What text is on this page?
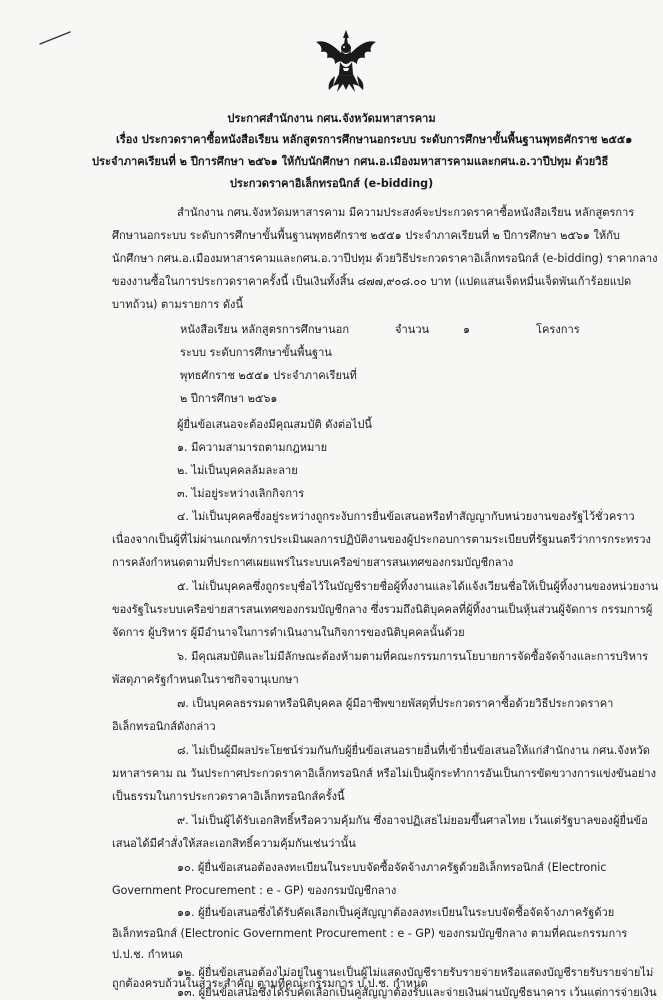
ประกาศสำนักงาน กศน.จังหวัดมหาสารคาม
เรื่อง ประกวดราคาซื้อหนังสือเรียน หลักสูตรการศึกษานอกระบบ ระดับการศึกษาขั้นพื้นฐานพุทธศักราช ๒๕๕๑
ประจำภาคเรียนที่ ๒ ปีการศึกษา ๒๕๖๑ ให้กับนักศึกษา กศน.อ.เมืองมหาสารคามและกศน.อ.วาปีปทุม ด้วยวิธี
ประกวดราคาอิเล็กทรอนิกส์ (e-bidding)
สำนักงาน กศน.จังหวัดมหาสารคาม มีความประสงค์จะประกวดราคาซื้อหนังสือเรียน หลักสูตรการ
ศึกษานอกระบบ ระดับการศึกษาขั้นพื้นฐานพุทธศักราช ๒๕๕๑ ประจำภาคเรียนที่ ๒ ปีการศึกษา ๒๕๖๑ ให้กับ
นักศึกษา กศน.อ.เมืองมหาสารคามและกศน.อ.วาปีปทุม ด้วยวิธีประกวดราคาอิเล็กทรอนิกส์ (e-bidding) ราคากลาง
ของงานซื้อในการประกวดราคาครั้งนี้ เป็นเงินทั้งสิ้น ๘๗๗,๙๐๘.๐๐ บาท (แปดแสนเจ็ดหมื่นเจ็ดพันเก้าร้อยแปด
บาทถ้วน) ตามรายการ ดังนี้
หนังสือเรียน หลักสูตรการศึกษานอก	จำนวน	๑	โครงการ
ระบบ ระดับการศึกษาขั้นพื้นฐาน
พุทธศักราช ๒๕๕๑ ประจำภาคเรียนที่
๒ ปีการศึกษา ๒๕๖๑
ผู้ยื่นข้อเสนอจะต้องมีคุณสมบัติ ดังต่อไปนี้
๑. มีความสามารถตามกฎหมาย
๒. ไม่เป็นบุคคลล้มละลาย
๓. ไม่อยู่ระหว่างเลิกกิจการ
๔. ไม่เป็นบุคคลซึ่งอยู่ระหว่างถูกระงับการยื่นข้อเสนอหรือทำสัญญากับหน่วยงานของรัฐไว้ชั่วคราว
เนื่องจากเป็นผู้ที่ไม่ผ่านเกณฑ์การประเมินผลการปฏิบัติงานของผู้ประกอบการตามระเบียบที่รัฐมนตรีว่าการกระทรวง
การคลังกำหนดตามที่ประกาศเผยแพร่ในระบบเครือข่ายสารสนเทศของกรมบัญชีกลาง
๕. ไม่เป็นบุคคลซึ่งถูกระบุชื่อไว้ในบัญชีรายชื่อผู้ทิ้งงานและได้แจ้งเวียนชื่อให้เป็นผู้ทิ้งงานของหน่วยงาน
ของรัฐในระบบเครือข่ายสารสนเทศของกรมบัญชีกลาง ซึ่งรวมถึงนิติบุคคลที่ผู้ทิ้งงานเป็นหุ้นส่วนผู้จัดการ กรรมการผู้
จัดการ ผู้บริหาร ผู้มีอำนาจในการดำเนินงานในกิจการของนิติบุคคลนั้นด้วย
๖. มีคุณสมบัติและไม่มีลักษณะต้องห้ามตามที่คณะกรรมการนโยบายการจัดซื้อจัดจ้างและการบริหาร
พัสดุภาครัฐกำหนดในราชกิจจานุเบกษา
๗. เป็นบุคคลธรรมดาหรือนิติบุคคล ผู้มีอาชีพขายพัสดุที่ประกวดราคาซื้อด้วยวิธีประกวดราคา
อิเล็กทรอนิกส์ดังกล่าว
๘. ไม่เป็นผู้มีผลประโยชน์ร่วมกันกับผู้ยื่นข้อเสนอรายอื่นที่เข้ายื่นข้อเสนอให้แก่สำนักงาน กศน.จังหวัด
มหาสารคาม ณ วันประกาศประกวดราคาอิเล็กทรอนิกส์ หรือไม่เป็นผู้กระทำการอันเป็นการขัดขวางการแข่งขันอย่าง
เป็นธรรมในการประกวดราคาอิเล็กทรอนิกส์ครั้งนี้
๙. ไม่เป็นผู้ได้รับเอกสิทธิ์หรือความคุ้มกัน ซึ่งอาจปฏิเสธไม่ยอมขึ้นศาลไทย เว้นแต่รัฐบาลของผู้ยื่นข้อ
เสนอได้มีคำสั่งให้สละเอกสิทธิ์ความคุ้มกันเช่นว่านั้น
๑๐. ผู้ยื่นข้อเสนอต้องลงทะเบียนในระบบจัดซื้อจัดจ้างภาครัฐด้วยอิเล็กทรอนิกส์ (Electronic
Government Procurement : e - GP) ของกรมบัญชีกลาง
๑๑. ผู้ยื่นข้อเสนอซึ่งได้รับคัดเลือกเป็นคู่สัญญาต้องลงทะเบียนในระบบจัดซื้อจัดจ้างภาครัฐด้วย
อิเล็กทรอนิกส์ (Electronic Government Procurement : e - GP) ของกรมบัญชีกลาง ตามที่คณะกรรมการ
ป.ป.ช. กำหนด
๑๒. ผู้ยื่นข้อเสนอต้องไม่อยู่ในฐานะเป็นผู้ไม่แสดงบัญชีรายรับรายจ่ายหรือแสดงบัญชีรายรับรายจ่ายไม่
ถูกต้องครบถ้วนในสาระสำคัญ ตามที่คณะกรรมการ ป.ป.ช. กำหนด
๑๓. ผู้ยื่นข้อเสนอซึ่งได้รับคัดเลือกเป็นคู่สัญญาต้องรับและจ่ายเงินผ่านบัญชีธนาคาร เว้นแต่การจ่ายเงิน
